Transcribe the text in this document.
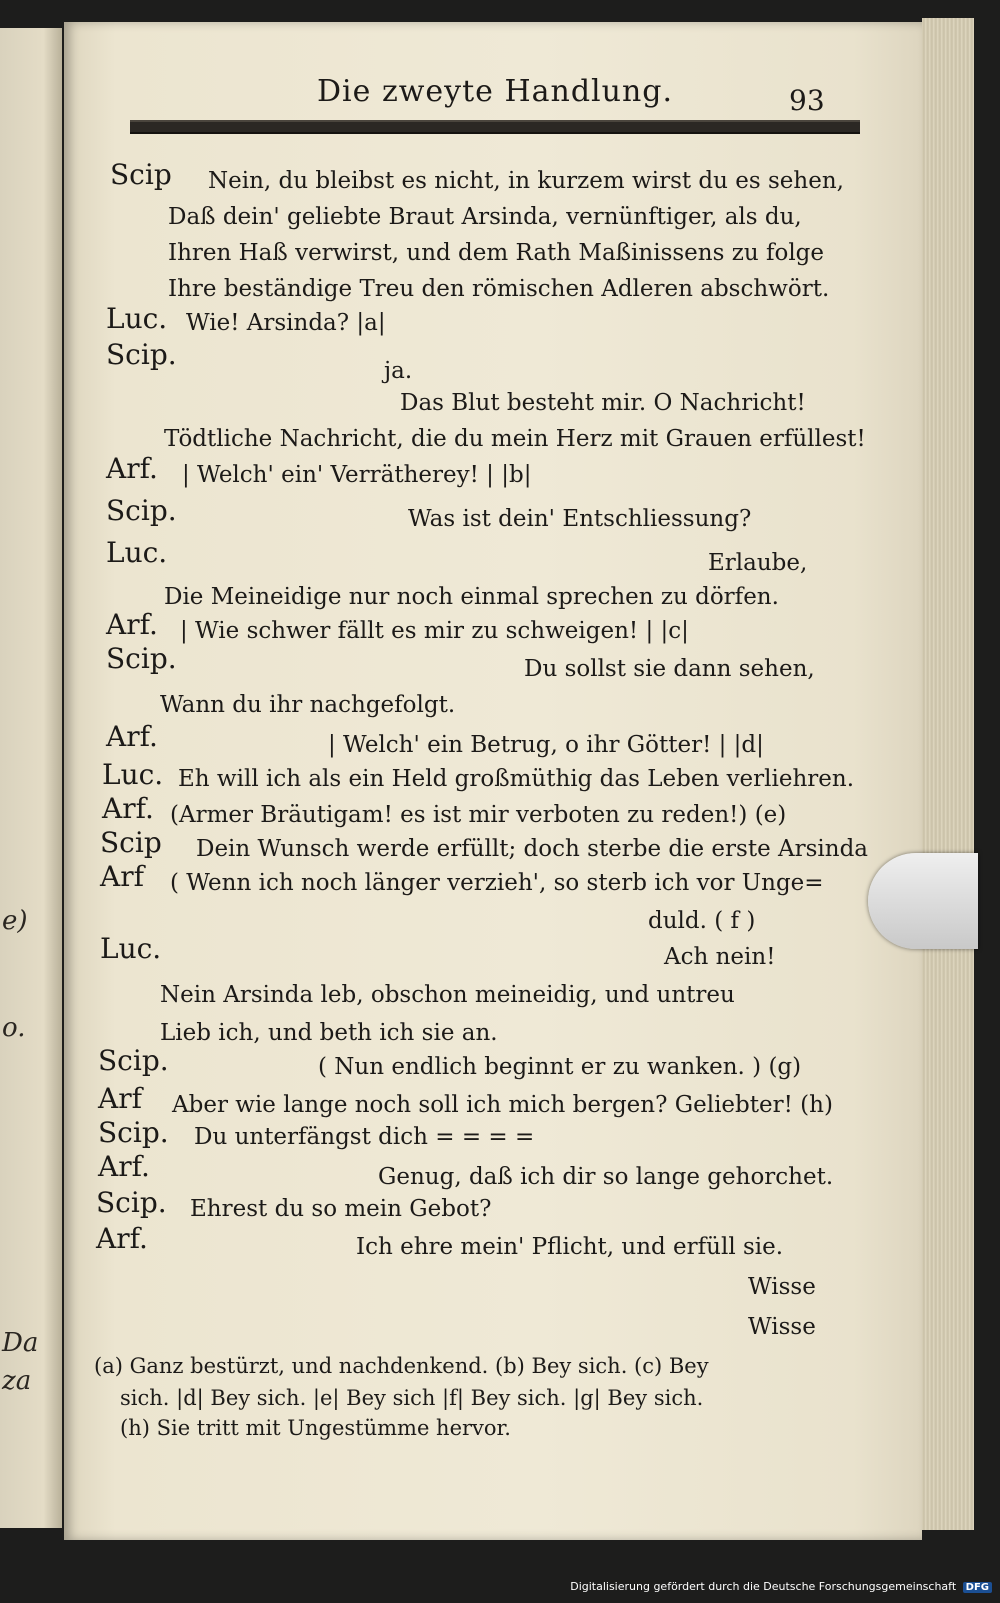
e)
o.
Da
za
Die zweyte Handlung.	93
Scip Nein, du bleibst es nicht, in kurzem wirst du es sehen,
Daß dein' geliebte Braut Arsinda, vernünftiger, als du,
Ihren Haß verwirst, und dem Rath Maßinissens zu folge
Ihre beständige Treu den römischen Adleren abschwört.
Luc. Wie! Arsinda? |a|
Scip.	ja.
Das Blut besteht mir. O Nachricht!
Tödtliche Nachricht, die du mein Herz mit Grauen erfüllest!
Arf. | Welch' ein' Verrätherey! | |b|
Scip.	Was ist dein' Entschliessung?
Luc.	Erlaube,
Die Meineidige nur noch einmal sprechen zu dörfen.
Arf. | Wie schwer fällt es mir zu schweigen! | |c|
Scip.	Du sollst sie dann sehen,
Wann du ihr nachgefolgt.
Arf.	| Welch' ein Betrug, o ihr Götter! | |d|
Luc. Eh will ich als ein Held großmüthig das Leben verliehren.
Arf. (Armer Bräutigam! es ist mir verboten zu reden!) (e)
Scip Dein Wunsch werde erfüllt; doch sterbe die erste Arsinda
Arf ( Wenn ich noch länger verzieh', so sterb ich vor Unge=
duld. ( f )
Luc.	Ach nein!
Nein Arsinda leb, obschon meineidig, und untreu
Lieb ich, und beth ich sie an.
Scip.	( Nun endlich beginnt er zu wanken. ) (g)
Arf Aber wie lange noch soll ich mich bergen? Geliebter! (h)
Scip. Du unterfängst dich = = = =
Arf.	Genug, daß ich dir so lange gehorchet.
Scip. Ehrest du so mein Gebot?
Arf.	Ich ehre mein' Pflicht, und erfüll sie.
Wisse
Wisse
(a) Ganz bestürzt, und nachdenkend. (b) Bey sich. (c) Bey
sich. |d| Bey sich. |e| Bey sich |f| Bey sich. |g| Bey sich.
(h) Sie tritt mit Ungestümme hervor.
Digitalisierung gefördert durch die Deutsche Forschungsgemeinschaft DFG
